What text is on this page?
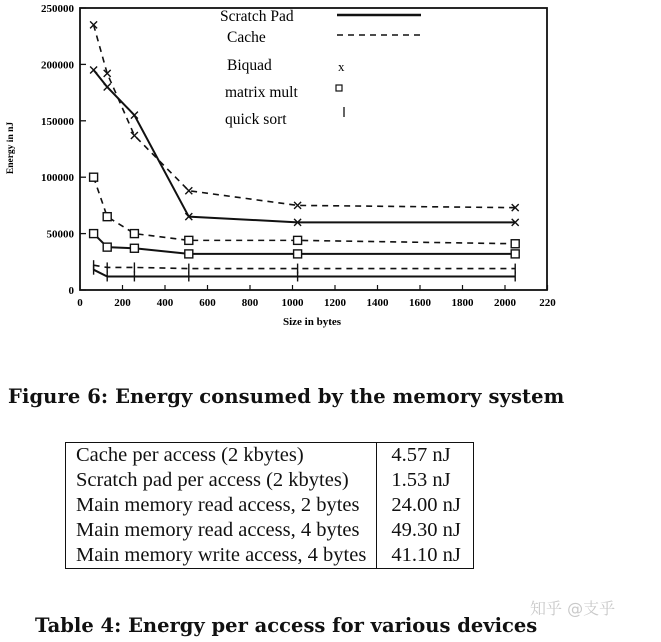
0
50000
100000
150000
200000
250000
0	200 400 600 800 1000 1200 1400 1600 1800 2000 220
Size in bytes
Energy in nJ
Scratch Pad
Cache
Biquad	x
matrix mult
quick sort
Figure 6: Energy consumed by the memory system
Cache per access (2 kbytes)	4.57 nJ
Scratch pad per access (2 kbytes)	1.53 nJ
Main memory read access, 2 bytes	24.00 nJ
Main memory read access, 4 bytes	49.30 nJ
Main memory write access, 4 bytes	41.10 nJ
知乎 @支乎
Table 4: Energy per access for various devices
